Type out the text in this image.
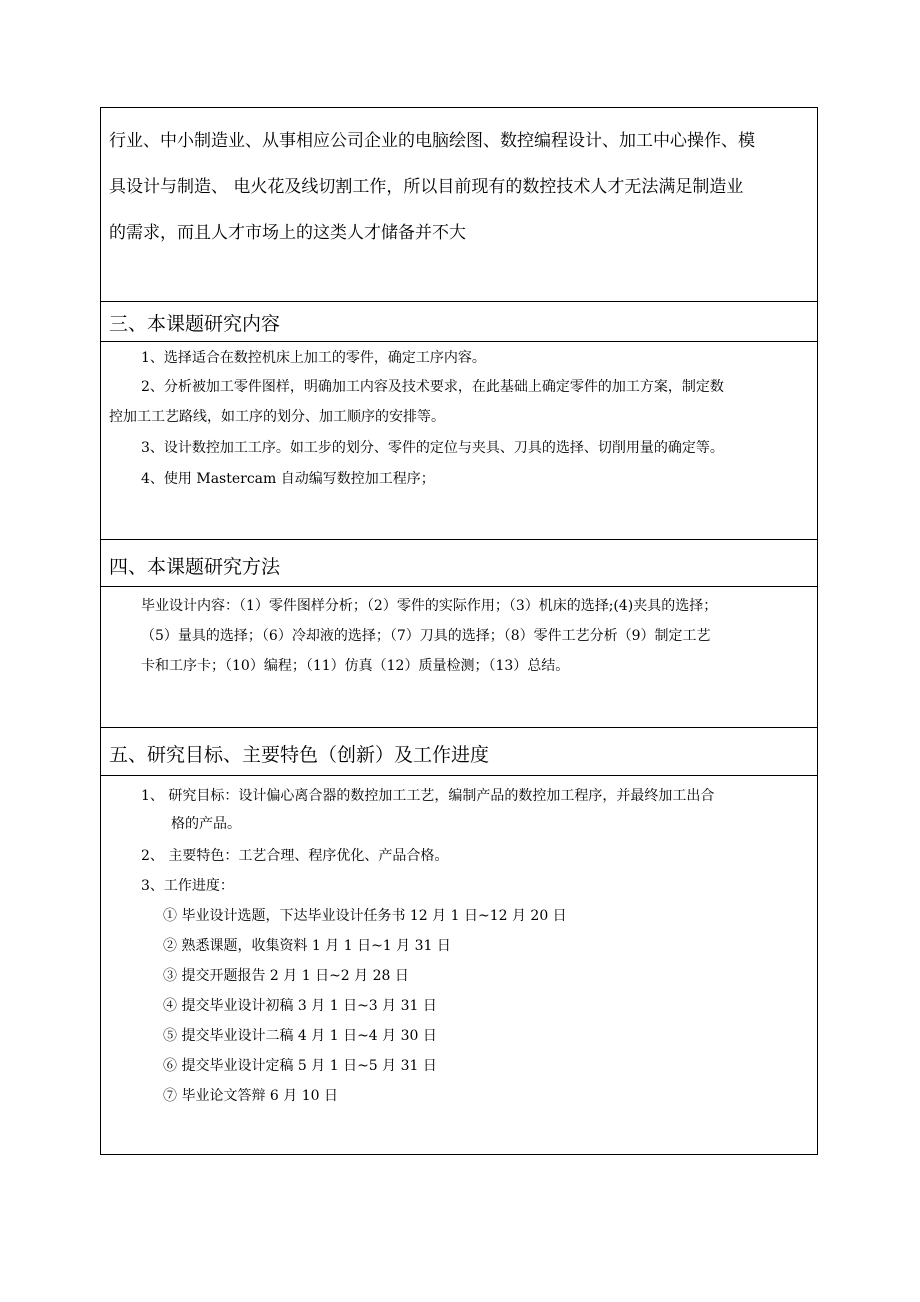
行业、中小制造业、从事相应公司企业的电脑绘图、数控编程设计、加工中心操作、模

具设计与制造、 电火花及线切割工作，所以目前现有的数控技术人才无法满足制造业

的需求，而且人才市场上的这类人才储备并不大

三、本课题研究内容
1、选择适合在数控机床上加工的零件，确定工序内容。
2、分析被加工零件图样，明确加工内容及技术要求，在此基础上确定零件的加工方案，制定数
控加工工艺路线，如工序的划分、加工顺序的安排等。
3、设计数控加工工序。如工步的划分、零件的定位与夹具、刀具的选择、切削用量的确定等。
4、使用 Mastercam 自动编写数控加工程序；
四、本课题研究方法
毕业设计内容：（1）零件图样分析；（2）零件的实际作用；（3）机床的选择;(4)夹具的选择；
（5）量具的选择；（6）冷却液的选择；（7）刀具的选择；（8）零件工艺分析（9）制定工艺
卡和工序卡；（10）编程；（11）仿真（12）质量检测；（13）总结。
五、研究目标、主要特色（创新）及工作进度
1、 研究目标：设计偏心离合器的数控加工工艺，编制产品的数控加工程序，并最终加工出合
格的产品。
2、 主要特色：工艺合理、程序优化、产品合格。
3、工作进度：
① 毕业设计选题，下达毕业设计任务书 12 月 1 日~12 月 20 日
② 熟悉课题，收集资料 1 月 1 日~1 月 31 日
③ 提交开题报告 2 月 1 日~2 月 28 日
④ 提交毕业设计初稿 3 月 1 日~3 月 31 日
⑤ 提交毕业设计二稿 4 月 1 日~4 月 30 日
⑥ 提交毕业设计定稿 5 月 1 日~5 月 31 日
⑦ 毕业论文答辩 6 月 10 日
